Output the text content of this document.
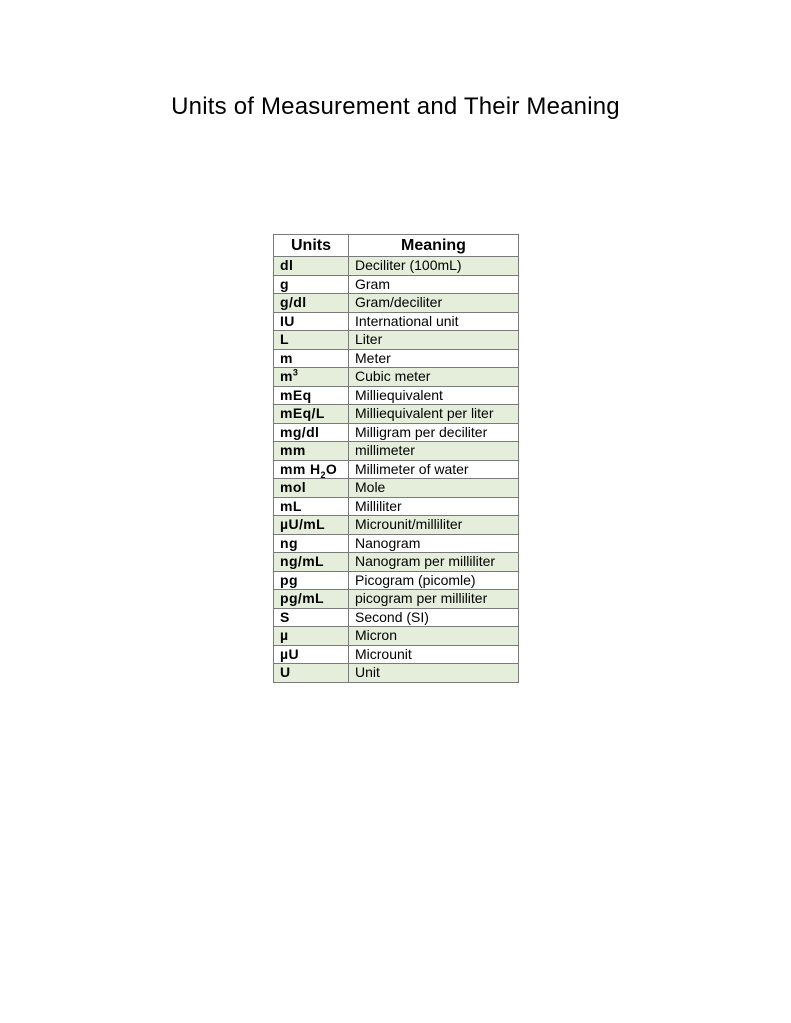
Units of Measurement and Their Meaning
Units	Meaning
dl	Deciliter (100mL)
g	Gram
g/dl	Gram/deciliter
IU	International unit
L	Liter
m	Meter
$m^3$	Cubic meter
mEq	Milliequivalent
mEq/L	Milliequivalent per liter
mg/dl	Milligram per deciliter
mm	millimeter
mm $H_2O$	Millimeter of water
mol	Mole
mL	Milliliter
µU/mL	Microunit/milliliter
ng	Nanogram
ng/mL	Nanogram per milliliter
pg	Picogram (picomle)
pg/mL	picogram per milliliter
S	Second (SI)
µ	Micron
µU	Microunit
U	Unit
